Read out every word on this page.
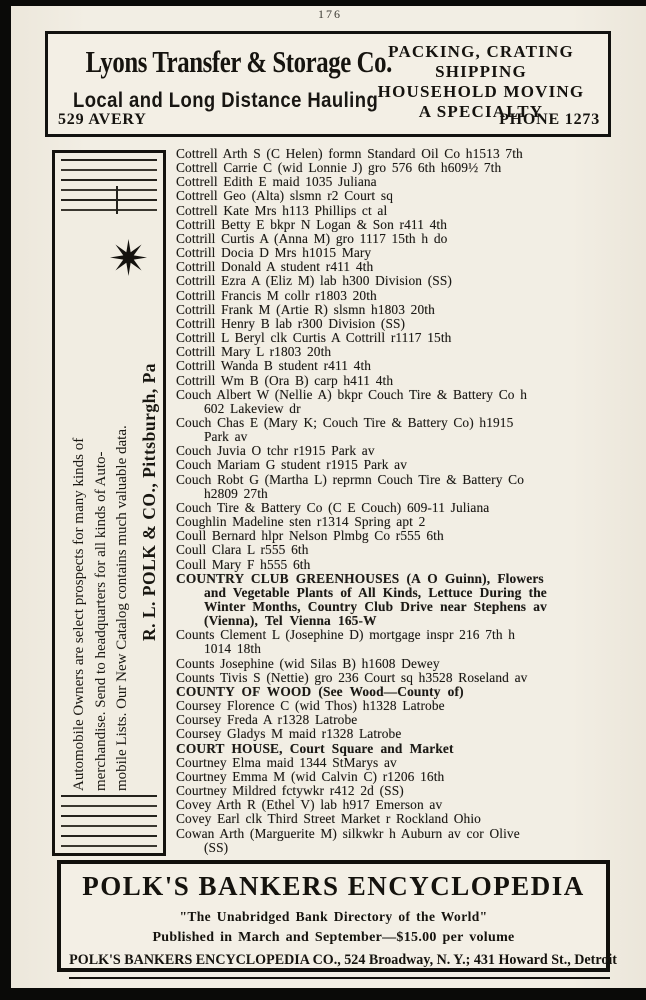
176
Lyons Transfer & Storage Co.
Local and Long Distance Hauling
PACKING, CRATING
SHIPPING
HOUSEHOLD MOVING
A SPECIALTY
529 AVERY	PHONE 1273

Automobile Owners are select prospects for many kinds of merchandise. Send to headquarters for all kinds of Auto- mobile Lists. Our New Catalog contains much valuable data. R. L. POLK & CO., Pittsburgh, Pa

Cottrell Arth S (C Helen) formn Standard Oil Co h1513 7th
Cottrell Carrie C (wid Lonnie J) gro 576 6th h609½ 7th
Cottrell Edith E maid 1035 Juliana
Cottrell Geo (Alta) slsmn r2 Court sq
Cottrell Kate Mrs h113 Phillips ct al
Cottrill Betty E bkpr N Logan & Son r411 4th
Cottrill Curtis A (Anna M) gro 1117 15th h do
Cottrill Docia D Mrs h1015 Mary
Cottrill Donald A student r411 4th
Cottrill Ezra A (Eliz M) lab h300 Division (SS)
Cottrill Francis M collr r1803 20th
Cottrill Frank M (Artie R) slsmn h1803 20th
Cottrill Henry B lab r300 Division (SS)
Cottrill L Beryl clk Curtis A Cottrill r1117 15th
Cottrill Mary L r1803 20th
Cottrill Wanda B student r411 4th
Cottrill Wm B (Ora B) carp h411 4th
Couch Albert W (Nellie A) bkpr Couch Tire & Battery Co h
602 Lakeview dr
Couch Chas E (Mary K; Couch Tire & Battery Co) h1915
Park av
Couch Juvia O tchr r1915 Park av
Couch Mariam G student r1915 Park av
Couch Robt G (Martha L) reprmn Couch Tire & Battery Co
h2809 27th
Couch Tire & Battery Co (C E Couch) 609-11 Juliana
Coughlin Madeline sten r1314 Spring apt 2
Coull Bernard hlpr Nelson Plmbg Co r555 6th
Coull Clara L r555 6th
Coull Mary F h555 6th
COUNTRY CLUB GREENHOUSES (A O Guinn), Flowers
and Vegetable Plants of All Kinds, Lettuce During the
Winter Months, Country Club Drive near Stephens av
(Vienna), Tel Vienna 165-W
Counts Clement L (Josephine D) mortgage inspr 216 7th h
1014 18th
Counts Josephine (wid Silas B) h1608 Dewey
Counts Tivis S (Nettie) gro 236 Court sq h3528 Roseland av
COUNTY OF WOOD (See Wood—County of)
Coursey Florence C (wid Thos) h1328 Latrobe
Coursey Freda A r1328 Latrobe
Coursey Gladys M maid r1328 Latrobe
COURT HOUSE, Court Square and Market
Courtney Elma maid 1344 StMarys av
Courtney Emma M (wid Calvin C) r1206 16th
Courtney Mildred fctywkr r412 2d (SS)
Covey Arth R (Ethel V) lab h917 Emerson av
Covey Earl clk Third Street Market r Rockland Ohio
Cowan Arth (Marguerite M) silkwkr h Auburn av cor Olive
(SS)
POLK'S BANKERS ENCYCLOPEDIA
"The Unabridged Bank Directory of the World"
Published in March and September—$15.00 per volume
POLK'S BANKERS ENCYCLOPEDIA CO., 524 Broadway, N. Y.; 431 Howard St., Detroit
